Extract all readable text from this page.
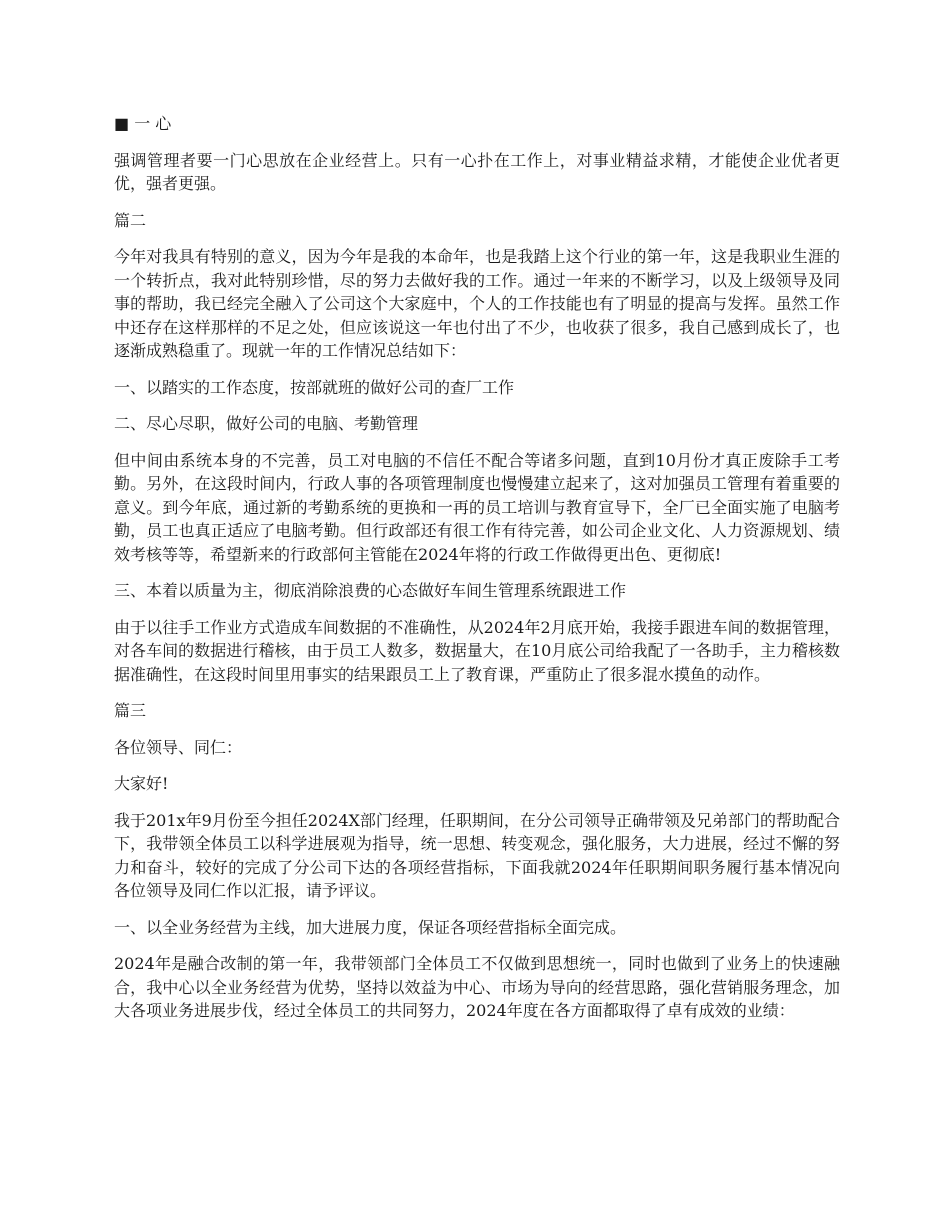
■ 一 心

强调管理者要一门心思放在企业经营上。只有一心扑在工作上，对事业精益求精，才能使企业优者更优，强者更强。

篇二

今年对我具有特别的意义，因为今年是我的本命年，也是我踏上这个行业的第一年，这是我职业生涯的一个转折点，我对此特别珍惜，尽的努力去做好我的工作。通过一年来的不断学习，以及上级领导及同事的帮助，我已经完全融入了公司这个大家庭中，个人的工作技能也有了明显的提高与发挥。虽然工作中还存在这样那样的不足之处，但应该说这一年也付出了不少，也收获了很多，我自己感到成长了，也逐渐成熟稳重了。现就一年的工作情况总结如下：

一、以踏实的工作态度，按部就班的做好公司的查厂工作

二、尽心尽职，做好公司的电脑、考勤管理

但中间由系统本身的不完善，员工对电脑的不信任不配合等诸多问题，直到10月份才真正废除手工考勤。另外，在这段时间内，行政人事的各项管理制度也慢慢建立起来了，这对加强员工管理有着重要的意义。到今年底，通过新的考勤系统的更换和一再的员工培训与教育宣导下，全厂已全面实施了电脑考勤，员工也真正适应了电脑考勤。但行政部还有很工作有待完善，如公司企业文化、人力资源规划、绩效考核等等，希望新来的行政部何主管能在2024年将的行政工作做得更出色、更彻底!

三、本着以质量为主，彻底消除浪费的心态做好车间生管理系统跟进工作

由于以往手工作业方式造成车间数据的不准确性，从2024年2月底开始，我接手跟进车间的数据管理，对各车间的数据进行稽核，由于员工人数多，数据量大，在10月底公司给我配了一各助手，主力稽核数据准确性，在这段时间里用事实的结果跟员工上了教育课，严重防止了很多混水摸鱼的动作。

篇三

各位领导、同仁：

大家好!

我于201x年9月份至今担任2024X部门经理，任职期间，在分公司领导正确带领及兄弟部门的帮助配合下，我带领全体员工以科学进展观为指导，统一思想、转变观念，强化服务，大力进展，经过不懈的努力和奋斗，较好的完成了分公司下达的各项经营指标，下面我就2024年任职期间职务履行基本情况向各位领导及同仁作以汇报，请予评议。

一、以全业务经营为主线，加大进展力度，保证各项经营指标全面完成。

2024年是融合改制的第一年，我带领部门全体员工不仅做到思想统一，同时也做到了业务上的快速融合，我中心以全业务经营为优势，坚持以效益为中心、市场为导向的经营思路，强化营销服务理念，加大各项业务进展步伐，经过全体员工的共同努力，2024年度在各方面都取得了卓有成效的业绩：
